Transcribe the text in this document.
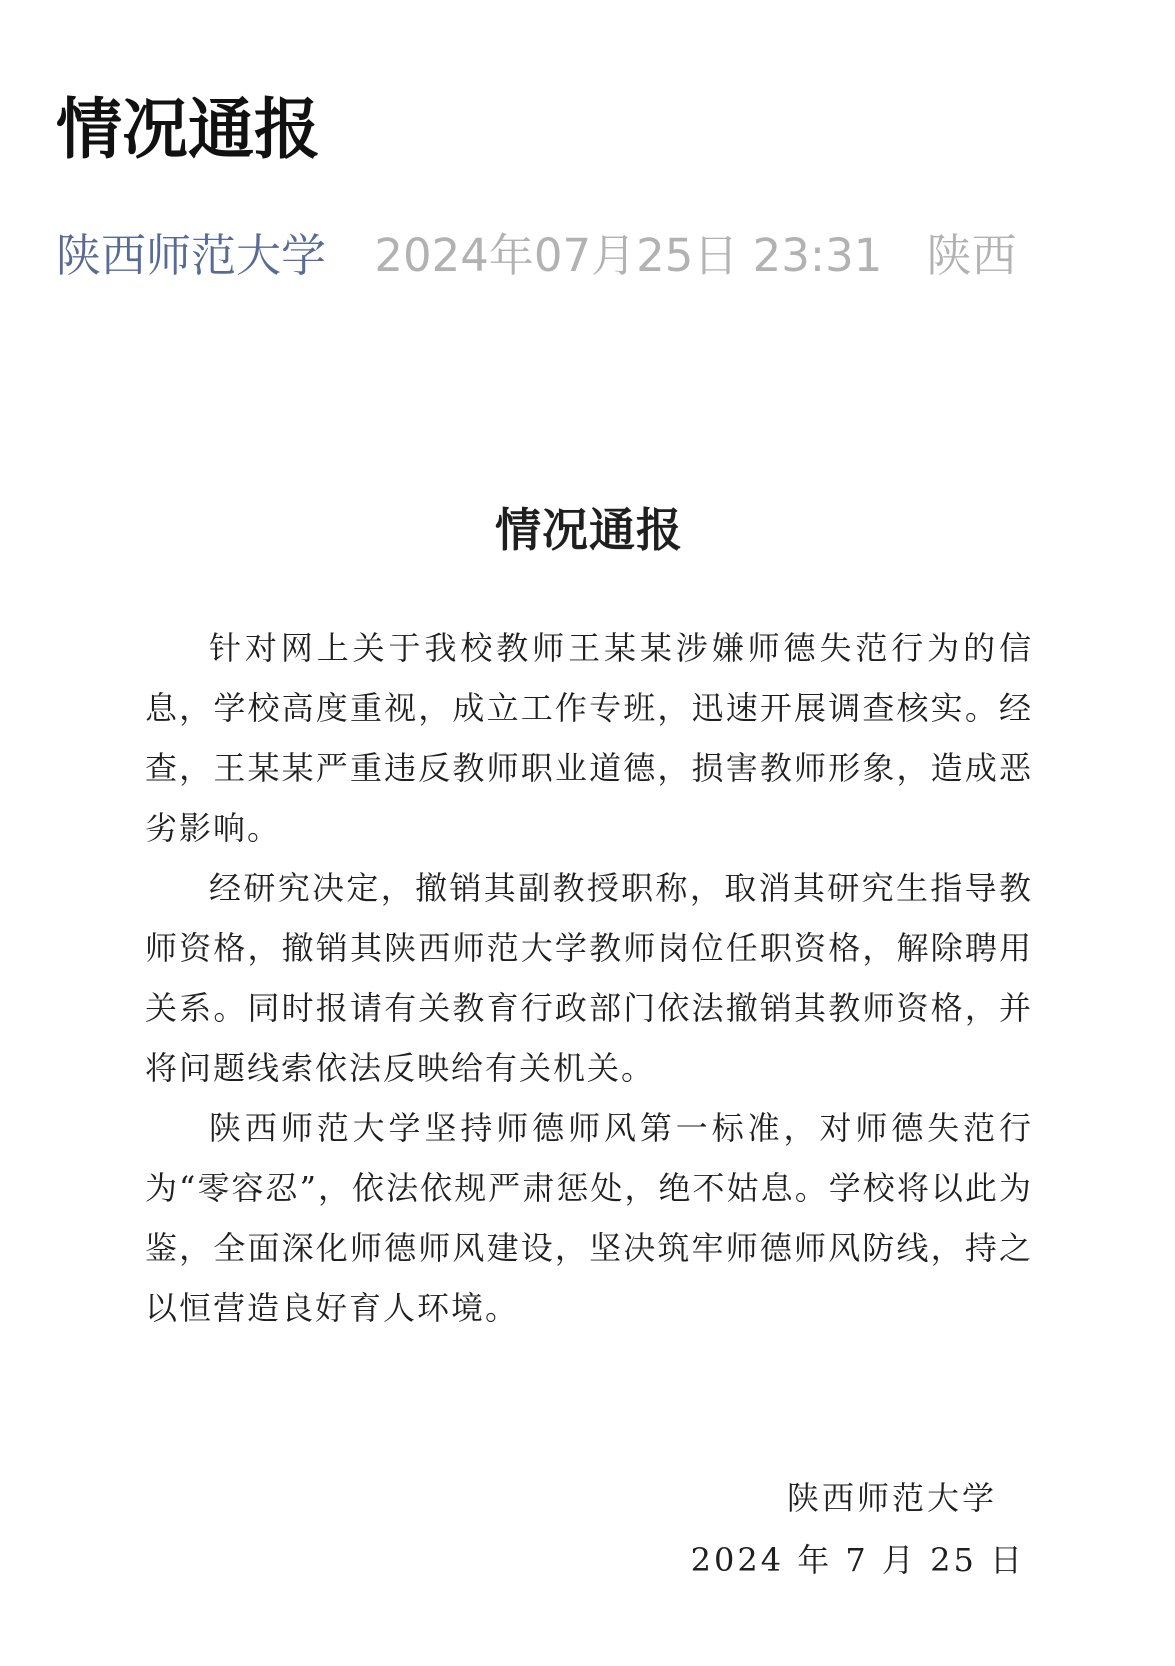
情况通报
陕西师范大学 2024年07月25日 23:31 陕西
情况通报

针对网上关于我校教师王某某涉嫌师德失范行为的信息，学校高度重视，成立工作专班，迅速开展调查核实。经查，王某某严重违反教师职业道德，损害教师形象，造成恶劣影响。

经研究决定，撤销其副教授职称，取消其研究生指导教师资格，撤销其陕西师范大学教师岗位任职资格，解除聘用关系。同时报请有关教育行政部门依法撤销其教师资格，并将问题线索依法反映给有关机关。

陕西师范大学坚持师德师风第一标准，对师德失范行为“零容忍”，依法依规严肃惩处，绝不姑息。学校将以此为鉴，全面深化师德师风建设，坚决筑牢师德师风防线，持之以恒营造良好育人环境。

陕西师范大学
2024 年 7 月 25 日
